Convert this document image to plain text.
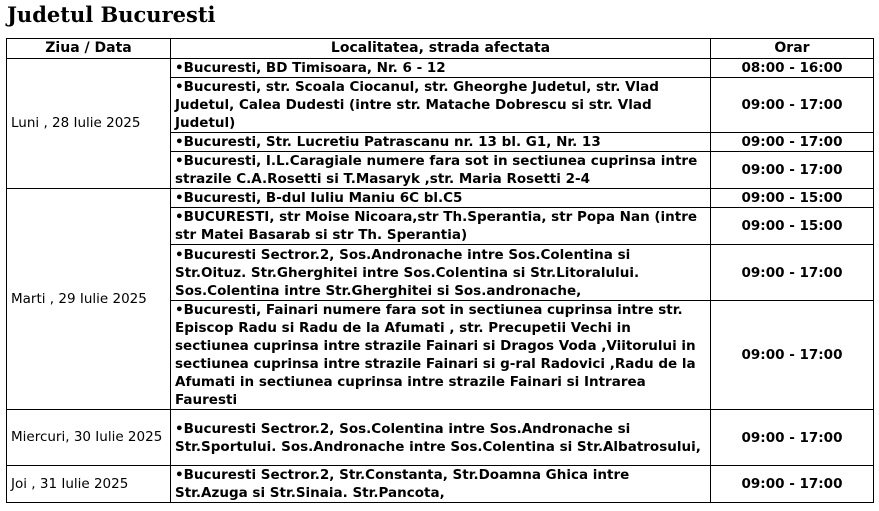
Judetul Bucuresti
Ziua / Data	Localitatea, strada afectata	Orar
Luni , 28 Iulie 2025	•Bucuresti, BD Timisoara, Nr. 6 - 12	08:00 - 16:00
	•Bucuresti, str. Scoala Ciocanul, str. Gheorghe Judetul, str. Vlad Judetul, Calea Dudesti (intre str. Matache Dobrescu si str. Vlad Judetul)	09:00 - 17:00
	•Bucuresti, Str. Lucretiu Patrascanu nr. 13 bl. G1, Nr. 13	09:00 - 17:00
	•Bucuresti, I.L.Caragiale numere fara sot in sectiunea cuprinsa intre strazile C.A.Rosetti si T.Masaryk ,str. Maria Rosetti 2-4	09:00 - 17:00
Marti , 29 Iulie 2025	•Bucuresti, B-dul Iuliu Maniu 6C bl.C5	09:00 - 15:00
	•BUCURESTI, str Moise Nicoara,str Th.Sperantia, str Popa Nan (intre str Matei Basarab si str Th. Sperantia)	09:00 - 15:00
	•Bucuresti Sectror.2, Sos.Andronache intre Sos.Colentina si Str.Oituz. Str.Gherghitei intre Sos.Colentina si Str.Litoralului. Sos.Colentina intre Str.Gherghitei si Sos.andronache,	09:00 - 17:00
	•Bucuresti, Fainari numere fara sot in sectiunea cuprinsa intre str. Episcop Radu si Radu de la Afumati , str. Precupetii Vechi in sectiunea cuprinsa intre strazile Fainari si Dragos Voda ,Viitorului in sectiunea cuprinsa intre strazile Fainari si g-ral Radovici ,Radu de la Afumati in sectiunea cuprinsa intre strazile Fainari si Intrarea Fauresti	09:00 - 17:00
Miercuri, 30 Iulie 2025	•Bucuresti Sectror.2, Sos.Colentina intre Sos.Andronache si Str.Sportului. Sos.Andronache intre Sos.Colentina si Str.Albatrosului,	09:00 - 17:00
Joi , 31 Iulie 2025	•Bucuresti Sectror.2, Str.Constanta, Str.Doamna Ghica intre Str.Azuga si Str.Sinaia. Str.Pancota,	09:00 - 17:00
